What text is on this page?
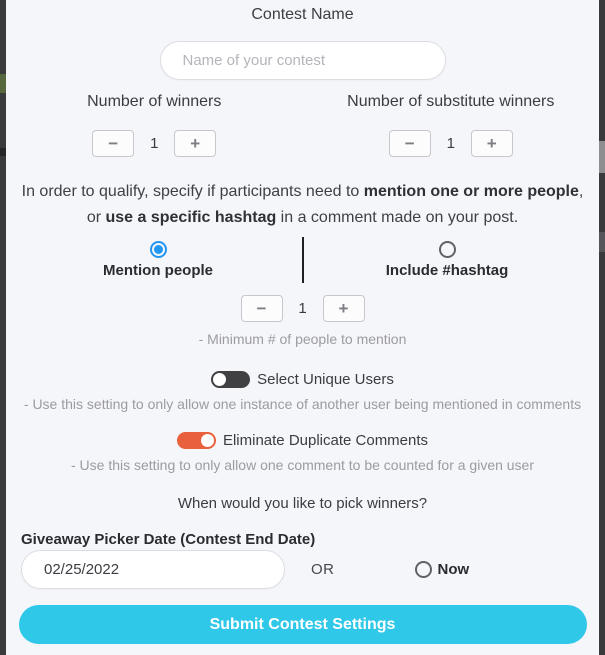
Contest Name
Name of your contest
Number of winners
−	1	+
Number of substitute winners
−	1	+
In order to qualify, specify if participants need to mention one or more people,
or use a specific hashtag in a comment made on your post.
Mention people	Include #hashtag
−	1	+
- Minimum # of people to mention
Select Unique Users
- Use this setting to only allow one instance of another user being mentioned in comments
Eliminate Duplicate Comments
- Use this setting to only allow one comment to be counted for a given user
When would you like to pick winners?
Giveaway Picker Date (Contest End Date)
02/25/2022
OR	Now
Submit Contest Settings
